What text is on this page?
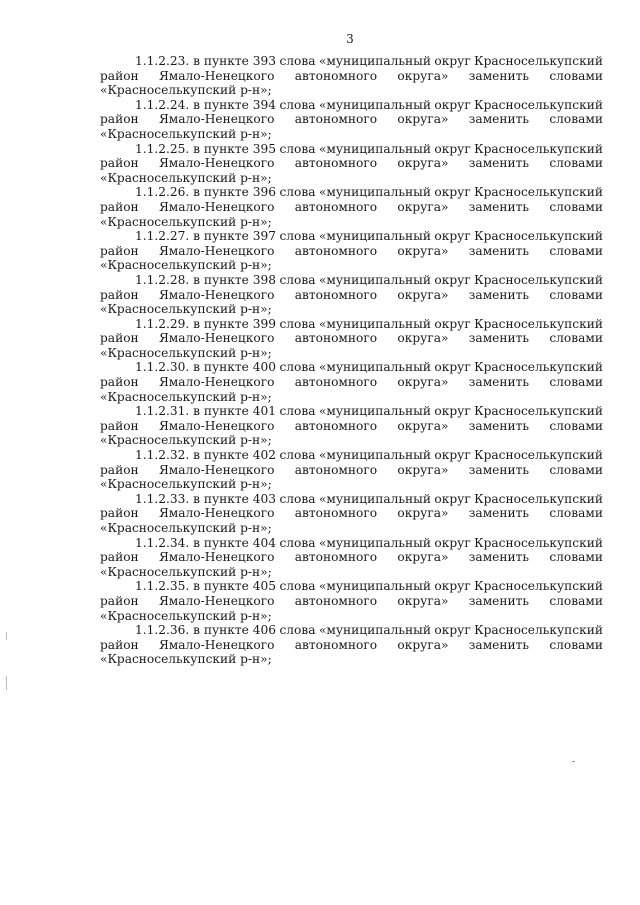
3
1.1.2.23. в пункте 393 слова «муниципальный округ Красноселькупский
район Ямало-Ненецкого автономного округа» заменить словами
«Красноселькупский р-н»;
1.1.2.24. в пункте 394 слова «муниципальный округ Красноселькупский
район Ямало-Ненецкого автономного округа» заменить словами
«Красноселькупский р-н»;
1.1.2.25. в пункте 395 слова «муниципальный округ Красноселькупский
район Ямало-Ненецкого автономного округа» заменить словами
«Красноселькупский р-н»;
1.1.2.26. в пункте 396 слова «муниципальный округ Красноселькупский
район Ямало-Ненецкого автономного округа» заменить словами
«Красноселькупский р-н»;
1.1.2.27. в пункте 397 слова «муниципальный округ Красноселькупский
район Ямало-Ненецкого автономного округа» заменить словами
«Красноселькупский р-н»;
1.1.2.28. в пункте 398 слова «муниципальный округ Красноселькупский
район Ямало-Ненецкого автономного округа» заменить словами
«Красноселькупский р-н»;
1.1.2.29. в пункте 399 слова «муниципальный округ Красноселькупский
район Ямало-Ненецкого автономного округа» заменить словами
«Красноселькупский р-н»;
1.1.2.30. в пункте 400 слова «муниципальный округ Красноселькупский
район Ямало-Ненецкого автономного округа» заменить словами
«Красноселькупский р-н»;
1.1.2.31. в пункте 401 слова «муниципальный округ Красноселькупский
район Ямало-Ненецкого автономного округа» заменить словами
«Красноселькупский р-н»;
1.1.2.32. в пункте 402 слова «муниципальный округ Красноселькупский
район Ямало-Ненецкого автономного округа» заменить словами
«Красноселькупский р-н»;
1.1.2.33. в пункте 403 слова «муниципальный округ Красноселькупский
район Ямало-Ненецкого автономного округа» заменить словами
«Красноселькупский р-н»;
1.1.2.34. в пункте 404 слова «муниципальный округ Красноселькупский
район Ямало-Ненецкого автономного округа» заменить словами
«Красноселькупский р-н»;
1.1.2.35. в пункте 405 слова «муниципальный округ Красноселькупский
район Ямало-Ненецкого автономного округа» заменить словами
«Красноселькупский р-н»;
1.1.2.36. в пункте 406 слова «муниципальный округ Красноселькупский
район Ямало-Ненецкого автономного округа» заменить словами
«Красноселькупский р-н»;
